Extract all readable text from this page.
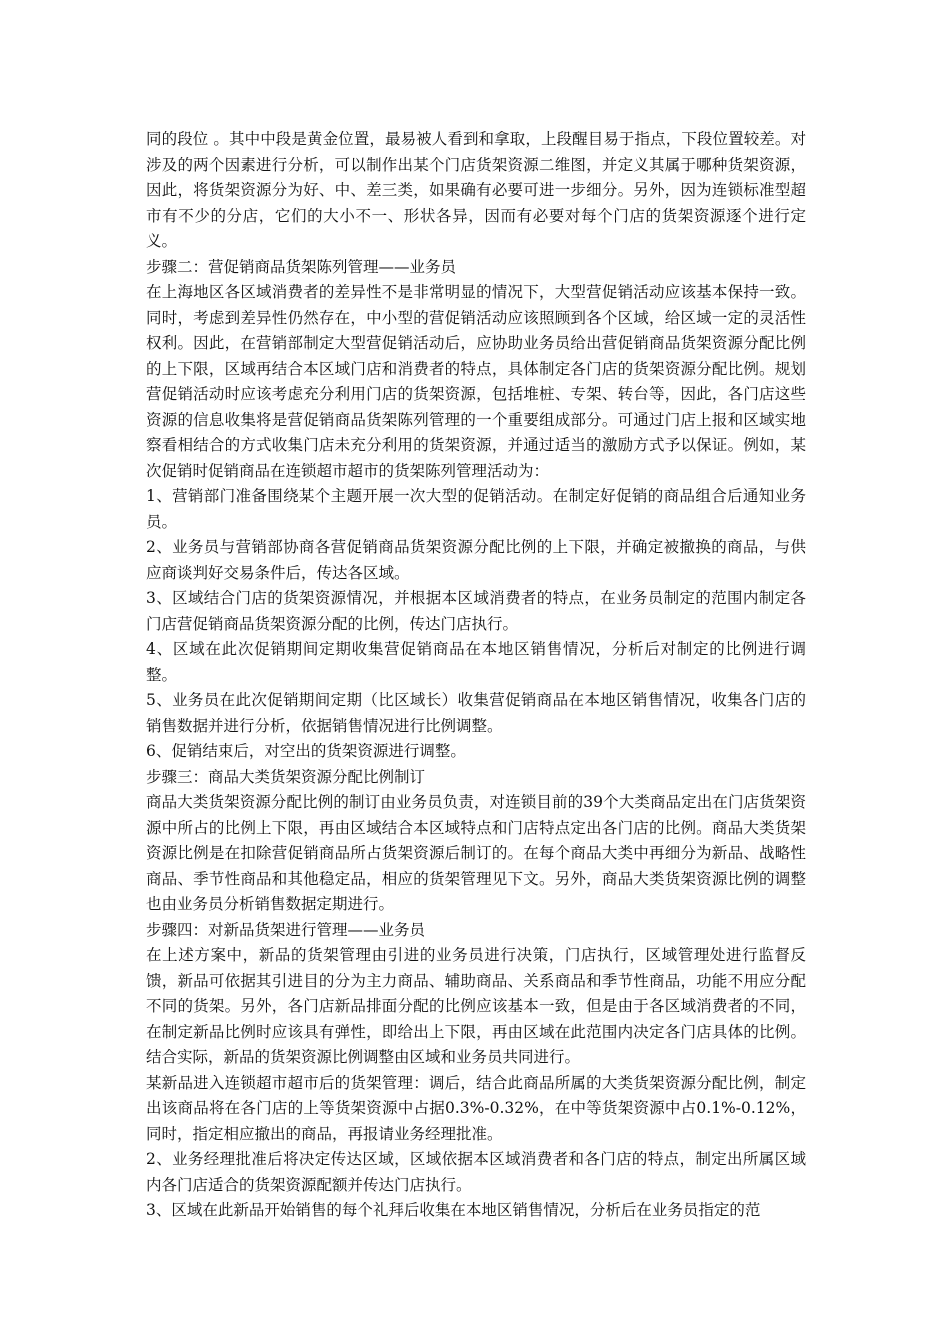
同的段位 。其中中段是黄金位置，最易被人看到和拿取，上段醒目易于指点，下段位置较差。对涉及的两个因素进行分析，可以制作出某个门店货架资源二维图，并定义其属于哪种货架资源，因此，将货架资源分为好、中、差三类，如果确有必要可进一步细分。另外，因为连锁标准型超市有不少的分店，它们的大小不一、形状各异，因而有必要对每个门店的货架资源逐个进行定义。

步骤二：营促销商品货架陈列管理——业务员

在上海地区各区域消费者的差异性不是非常明显的情况下，大型营促销活动应该基本保持一致。同时，考虑到差异性仍然存在，中小型的营促销活动应该照顾到各个区域，给区域一定的灵活性权利。因此，在营销部制定大型营促销活动后，应协助业务员给出营促销商品货架资源分配比例的上下限，区域再结合本区域门店和消费者的特点，具体制定各门店的货架资源分配比例。规划营促销活动时应该考虑充分利用门店的货架资源，包括堆桩、专架、转台等，因此，各门店这些资源的信息收集将是营促销商品货架陈列管理的一个重要组成部分。可通过门店上报和区域实地察看相结合的方式收集门店未充分利用的货架资源，并通过适当的激励方式予以保证。例如，某次促销时促销商品在连锁超市超市的货架陈列管理活动为：

1、营销部门准备围绕某个主题开展一次大型的促销活动。在制定好促销的商品组合后通知业务员。

2、业务员与营销部协商各营促销商品货架资源分配比例的上下限，并确定被撤换的商品，与供应商谈判好交易条件后，传达各区域。

3、区域结合门店的货架资源情况，并根据本区域消费者的特点，在业务员制定的范围内制定各门店营促销商品货架资源分配的比例，传达门店执行。

4、区域在此次促销期间定期收集营促销商品在本地区销售情况，分析后对制定的比例进行调整。

5、业务员在此次促销期间定期（比区域长）收集营促销商品在本地区销售情况，收集各门店的销售数据并进行分析，依据销售情况进行比例调整。

6、促销结束后，对空出的货架资源进行调整。

步骤三：商品大类货架资源分配比例制订

商品大类货架资源分配比例的制订由业务员负责，对连锁目前的39个大类商品定出在门店货架资源中所占的比例上下限，再由区域结合本区域特点和门店特点定出各门店的比例。商品大类货架资源比例是在扣除营促销商品所占货架资源后制订的。在每个商品大类中再细分为新品、战略性商品、季节性商品和其他稳定品，相应的货架管理见下文。另外，商品大类货架资源比例的调整也由业务员分析销售数据定期进行。

步骤四：对新品货架进行管理——业务员

在上述方案中，新品的货架管理由引进的业务员进行决策，门店执行，区域管理处进行监督反馈，新品可依据其引进目的分为主力商品、辅助商品、关系商品和季节性商品，功能不用应分配不同的货架。另外，各门店新品排面分配的比例应该基本一致，但是由于各区域消费者的不同，在制定新品比例时应该具有弹性，即给出上下限，再由区域在此范围内决定各门店具体的比例。结合实际，新品的货架资源比例调整由区域和业务员共同进行。

某新品进入连锁超市超市后的货架管理：调后，结合此商品所属的大类货架资源分配比例，制定出该商品将在各门店的上等货架资源中占据0.3%-0.32%，在中等货架资源中占0.1%-0.12%，同时，指定相应撤出的商品，再报请业务经理批准。

2、业务经理批准后将决定传达区域，区域依据本区域消费者和各门店的特点，制定出所属区域内各门店适合的货架资源配额并传达门店执行。

3、区域在此新品开始销售的每个礼拜后收集在本地区销售情况，分析后在业务员指定的范
